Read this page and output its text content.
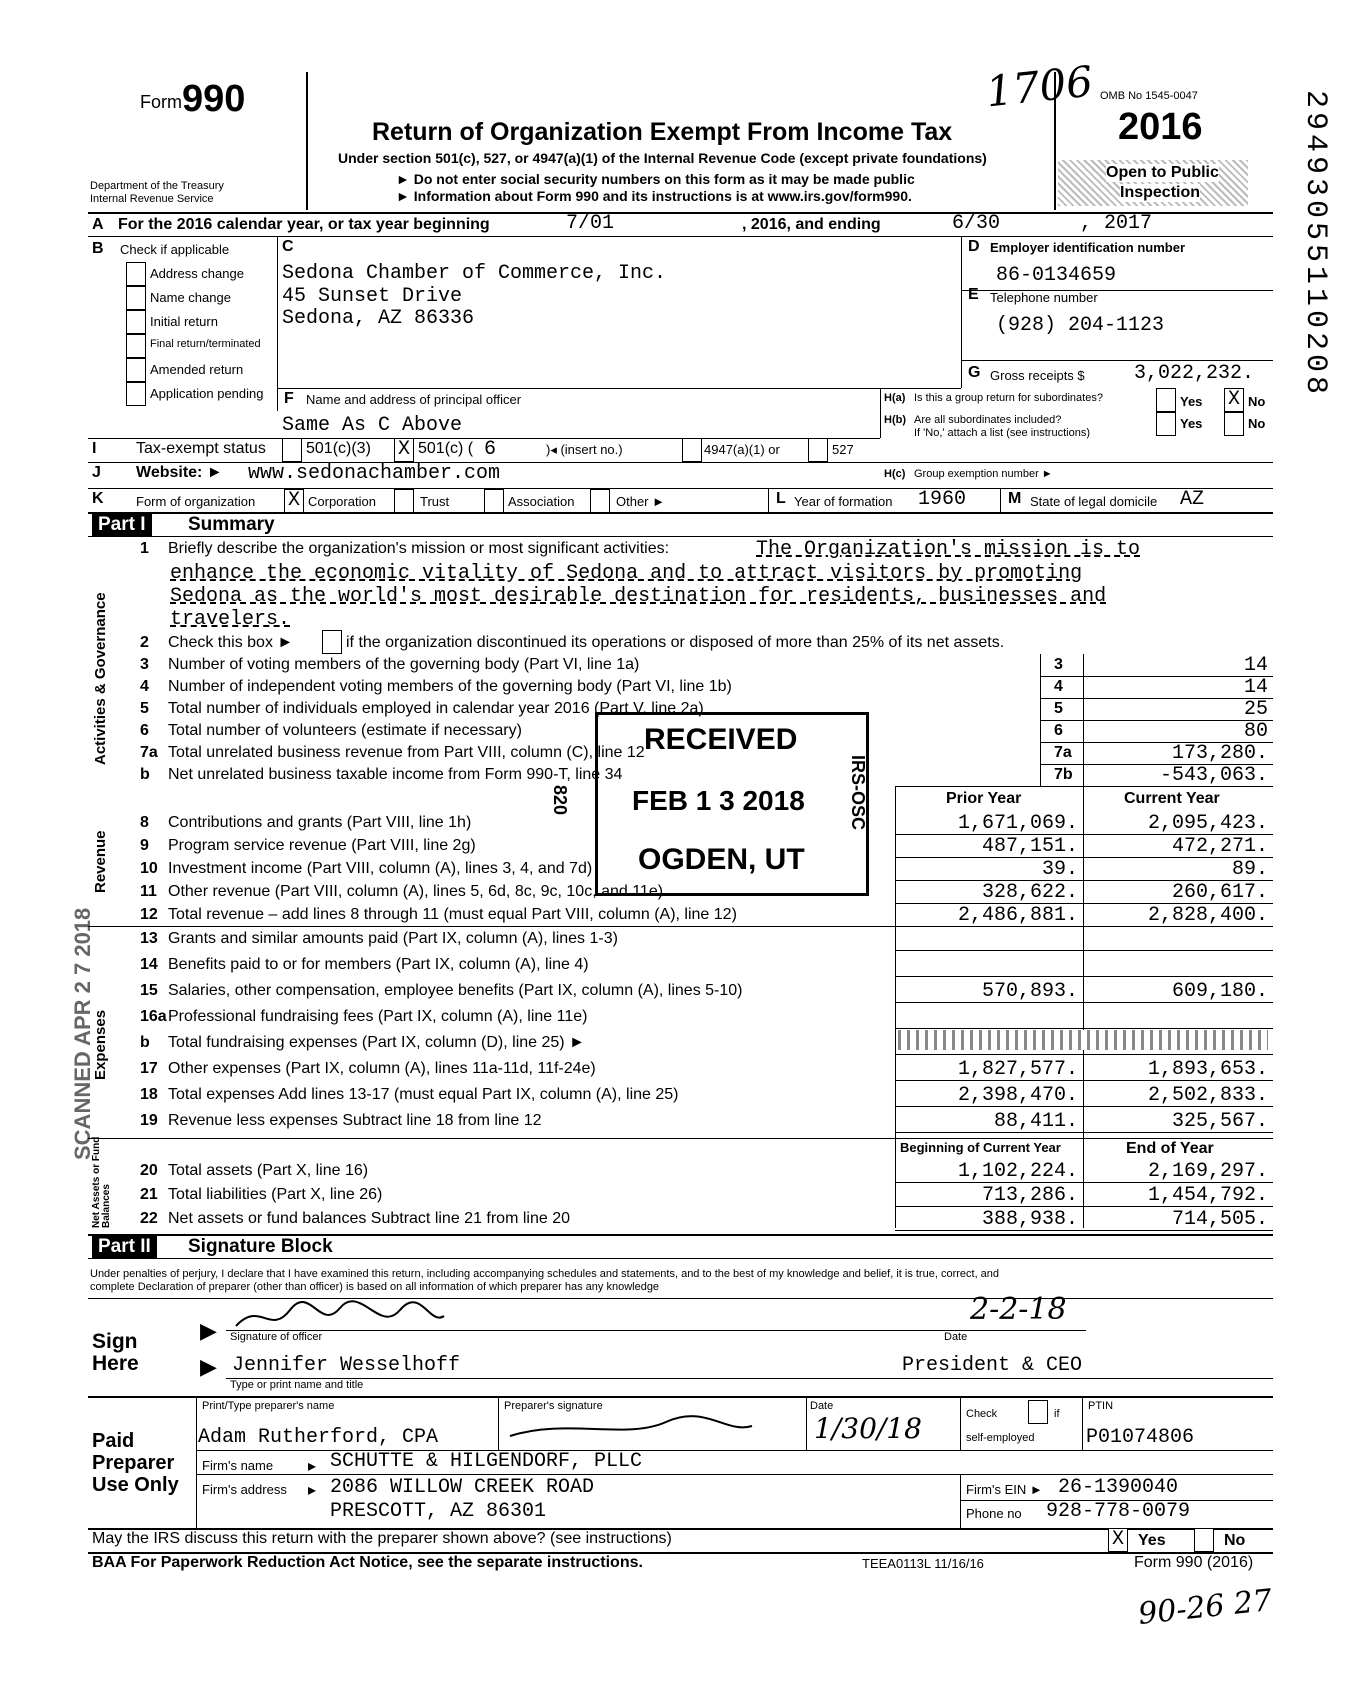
Form 990
Department of the Treasury
Internal Revenue Service
Return of Organization Exempt From Income Tax
Under section 501(c), 527, or 4947(a)(1) of the Internal Revenue Code (except private foundations)
► Do not enter social security numbers on this form as it may be made public
► Information about Form 990 and its instructions is at www.irs.gov/form990.
1706 OMB No 1545-0047
2016
Open to Public
Inspection	29493055110208
A For the 2016 calendar year, or tax year beginning	7/01	, 2016, and ending	6/30	, 2017
B Check if applicable
Address change
Name change
Initial return
Final return/terminated
Amended return
Application pending
C
Sedona Chamber of Commerce, Inc.
45 Sunset Drive
Sedona, AZ 86336
D Employer identification number
86-0134659
E Telephone number
(928) 204-1123
G Gross receipts $ 3,022,232.
F Name and address of principal officer
Same As C Above
H(a) Is this a group return for subordinates?	Yes X No
H(b) Are all subordinates included?
If 'No,' attach a list (see instructions)
Yes	No
I Tax-exempt status	501(c)(3) X 501(c) ( 6	)◂ (insert no.)	4947(a)(1) or	527
J Website: ► www.sedonachamber.com	H(c) Group exemption number ►
K Form of organization X Corporation	Trust	Association	Other ►	L Year of formation 1960	M State of legal domicile AZ
Part I	Summary
Activities & Governance
Revenue
Expenses
Net Assets or Fund Balances
SCANNED APR 2 7 2018
1 Briefly describe the organization's mission or most significant activities:	The Organization's mission is to
enhance the economic vitality of Sedona and to attract visitors by promoting
Sedona as the world's most desirable destination for residents, businesses and
travelers.
2 Check this box ►	if the organization discontinued its operations or disposed of more than 25% of its net assets.
3 Number of voting members of the governing body (Part VI, line 1a)	3	14
4 Number of independent voting members of the governing body (Part VI, line 1b)	4	14
5 Total number of individuals employed in calendar year 2016 (Part V, line 2a)	5	25
6 Total number of volunteers (estimate if necessary)	6	80
7a Total unrelated business revenue from Part VIII, column (C), line 12	7a	173,280.
b Net unrelated business taxable income from Form 990-T, line 34	7b	-543,063.
Prior Year	Current Year
8 Contributions and grants (Part VIII, line 1h)	1,671,069.	2,095,423.
9 Program service revenue (Part VIII, line 2g)	487,151.	472,271.
10 Investment income (Part VIII, column (A), lines 3, 4, and 7d)	39.	89.
11 Other revenue (Part VIII, column (A), lines 5, 6d, 8c, 9c, 10c, and 11e)	328,622.	260,617.
12 Total revenue – add lines 8 through 11 (must equal Part VIII, column (A), line 12)	2,486,881.	2,828,400.
13 Grants and similar amounts paid (Part IX, column (A), lines 1-3)
14 Benefits paid to or for members (Part IX, column (A), line 4)
15 Salaries, other compensation, employee benefits (Part IX, column (A), lines 5-10)	570,893.	609,180.
16a Professional fundraising fees (Part IX, column (A), line 11e)
b Total fundraising expenses (Part IX, column (D), line 25) ►
17 Other expenses (Part IX, column (A), lines 11a-11d, 11f-24e)	1,827,577.	1,893,653.
18 Total expenses Add lines 13-17 (must equal Part IX, column (A), line 25)	2,398,470.	2,502,833.
19 Revenue less expenses Subtract line 18 from line 12	88,411.	325,567.
Beginning of Current Year	End of Year
20 Total assets (Part X, line 16)	1,102,224.	2,169,297.
21 Total liabilities (Part X, line 26)	713,286.	1,454,792.
22 Net assets or fund balances Subtract line 21 from line 20	388,938.	714,505.
RECEIVED
FEB 1 3 2018
OGDEN, UT
820	IRS-OSC
Part II	Signature Block
Under penalties of perjury, I declare that I have examined this return, including accompanying schedules and statements, and to the best of my knowledge and belief, it is true, correct, and
complete Declaration of preparer (other than officer) is based on all information of which preparer has any knowledge
Sign
Here
▶
▶
Signature of officer	Date
2-2-18
Jennifer Wesselhoff	President & CEO
Type or print name and title
Paid
Preparer
Use Only
Print/Type preparer's name	Preparer's signature	Date
1/30/18	Check	if
self-employed
PTIN
Adam Rutherford, CPA	P01074806
Firm's name ▸ SCHUTTE & HILGENDORF, PLLC
Firm's address ▸ 2086 WILLOW CREEK ROAD
PRESCOTT, AZ 86301
Firm's EIN ► 26-1390040
Phone no 928-778-0079
May the IRS discuss this return with the preparer shown above? (see instructions)	X Yes	No
BAA For Paperwork Reduction Act Notice, see the separate instructions.	TEEA0113L 11/16/16	Form 990 (2016)
90-26 27
